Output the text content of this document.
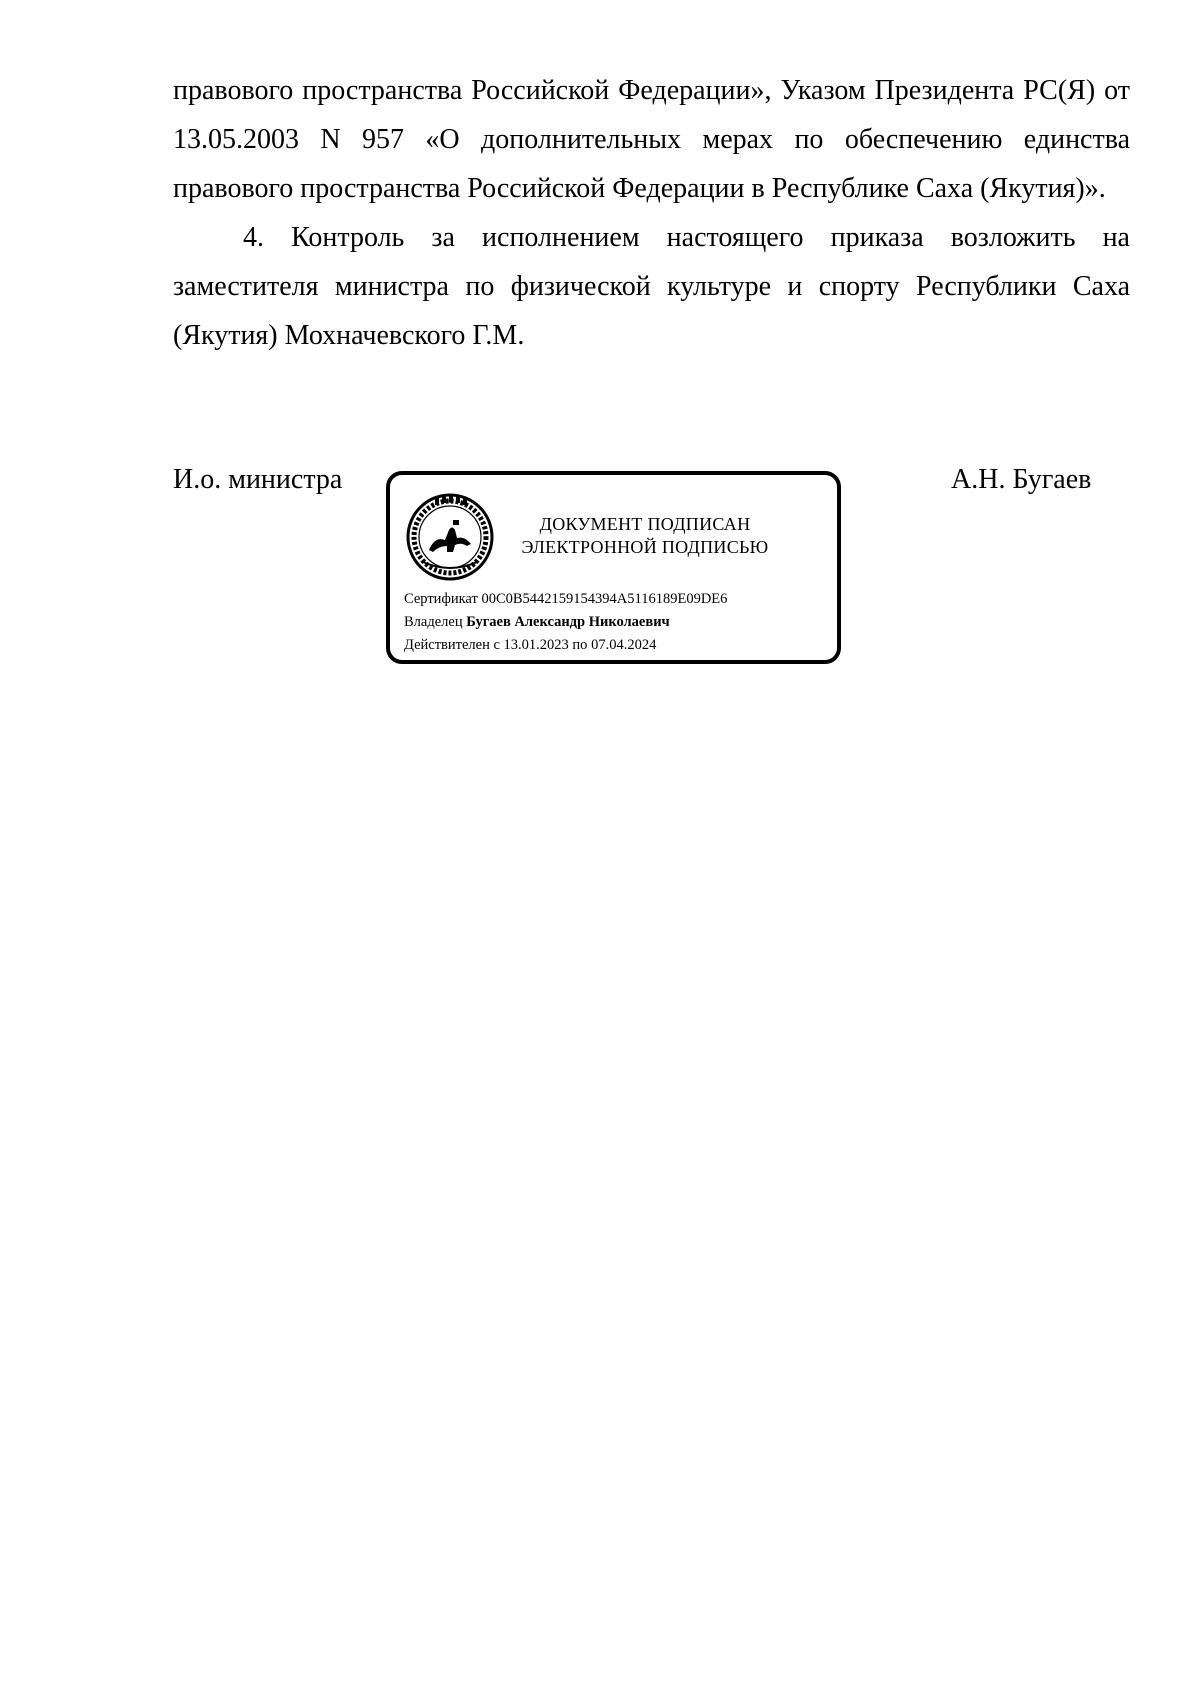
правового пространства Российской Федерации», Указом Президента РС(Я) от 13.05.2003 N 957 «О дополнительных мерах по обеспечению единства правового пространства Российской Федерации в Республике Саха (Якутия)».

4. Контроль за исполнением настоящего приказа возложить на заместителя министра по физической культуре и спорту Республики Саха (Якутия) Мохначевского Г.М.

И.о. министра	А.Н. Бугаев
ДОКУМЕНТ ПОДПИСАН
ЭЛЕКТРОННОЙ ПОДПИСЬЮ
Сертификат 00C0B5442159154394A5116189E09DE6
Владелец Бугаев Александр Николаевич
Действителен с 13.01.2023 по 07.04.2024
